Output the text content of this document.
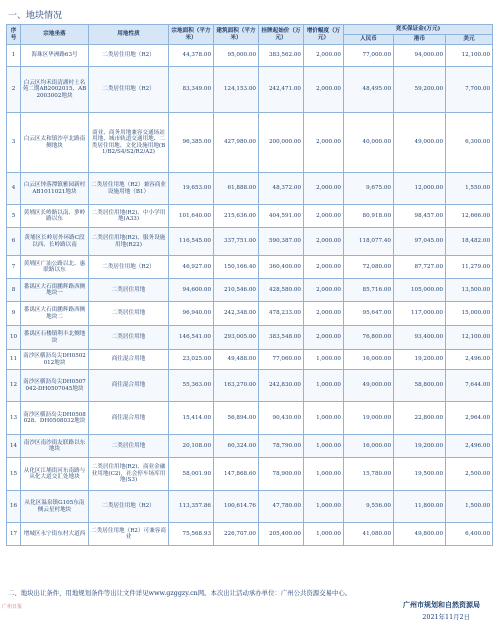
一、地块情况
序号	宗地坐落	用地性质	宗地面积（平方米）	建筑面积（平方米）	挂牌起始价（万元）	增价幅度（万元）	竞买保证金(万元)		
							人民币	港币	美元
1	海珠区华洲路63号	二类居住用地（R2）	44,378.00	95,000.00	383,562.00	2,000.00	77,000.00	94,000.00	12,100.00
2	白云区均禾街清湖村土名苑二期AB2002015、AB2003002地块	二类居住用地（R2）	83,349.00	124,153.00	242,471.00	2,000.00	48,495.00	59,200.00	7,700.00
3	白云区太和镇沙亭北路南侧地块	商业、商务用地兼容交通场站用地、城市轨道交通用地、二类居住用地、文化设施用地(B1/B2/S4/S2/R2/A2)	96,385.00	427,980.00	200,000.00	2,000.00	40,000.00	49,000.00	6,300.00
4	白云区钟落潭镇雅园新村AB1011021地块	二类居住用地（R2）兼容商业设施用地（B1）	19,653.00	61,888.00	48,372.00	2,000.00	9,675.00	12,000.00	1,550.00
5	黄埔区长岭路以南、萝岭路以东	二类居住用地(R2)、中小学用地(A33)	101,640.00	215,636.00	404,591.00	2,000.00	80,918.00	98,457.00	12,666.00
6	黄埔区长岭居外环路C段以西、长岭路以南	二类居住用地(R2)、服务设施用地(R22)	116,545.00	337,751.00	590,387.00	2,000.00	118,077.40	97,045.00	18,482.00
7	黄埔区广汕公路以北、惠联路以东	二类居住用地（R2）	46,927.00	150,166.40	360,400.00	2,000.00	72,080.00	87,727.00	11,279.00
8	番禺区大石街鹏辉路西侧地块一	二类居住用地	94,600.00	210,546.00	428,580.00	2,000.00	85,716.00	105,000.00	13,500.00
9	番禺区大石街鹏辉路西侧地块二	二类居住用地	96,940.00	242,348.00	478,233.00	2,000.00	95,647.00	117,000.00	15,000.00
10	番禺区石楼镇利丰北侧地块	二类居住用地	146,541.00	293,005.00	383,548.00	2,000.00	76,800.00	93,400.00	12,100.00
11	南沙区横沥岛尖DH0502012地块	商住混合用地	23,025.00	49,488.00	77,060.00	1,000.00	16,000.00	19,200.00	2,496.00
12	南沙区横沥岛尖DH0507042-DH0507045地块	商住混合用地	55,363.00	163,270.00	242,830.00	1,000.00	49,000.00	58,800.00	7,644.00
13	南沙区横沥岛尖DH0508028、DH0508032地块	商住混合用地	15,414.00	56,894.00	90,430.00	1,000.00	19,000.00	22,800.00	2,964.00
14	南沙区南沙街友联路以东地块	二类居住用地	20,108.00	60,324.00	78,790.00	1,000.00	16,000.00	19,200.00	2,496.00
15	从化区江埔街河东南路与从化大道交汇处地块	二类居住用地(R2)、商业金融业用地(C2)，社会停车场库用地(S3)	58,001.90	147,868.60	78,900.00	1,000.00	15,780.00	19,500.00	2,500.00
16	从化区温泉镇G105东南侧云星村地块	二类居住用地（R2）	113,357.86	100,614.76	47,780.00	1,000.00	9,556.00	11,800.00	1,500.00
17	增城区永宁街东村大道西	二类居住用地（R2）可兼容商业	75,568.93	226,707.00	205,400.00	1,000.00	41,080.00	49,800.00	6,400.00
二、地块出让条件，用地规划条件等出让文件详见www.gzggzy.cn网。本次出让活动承办单位：广州公共资源交易中心。
广州市规划和自然资源局
2021年11月2日
广州日报
